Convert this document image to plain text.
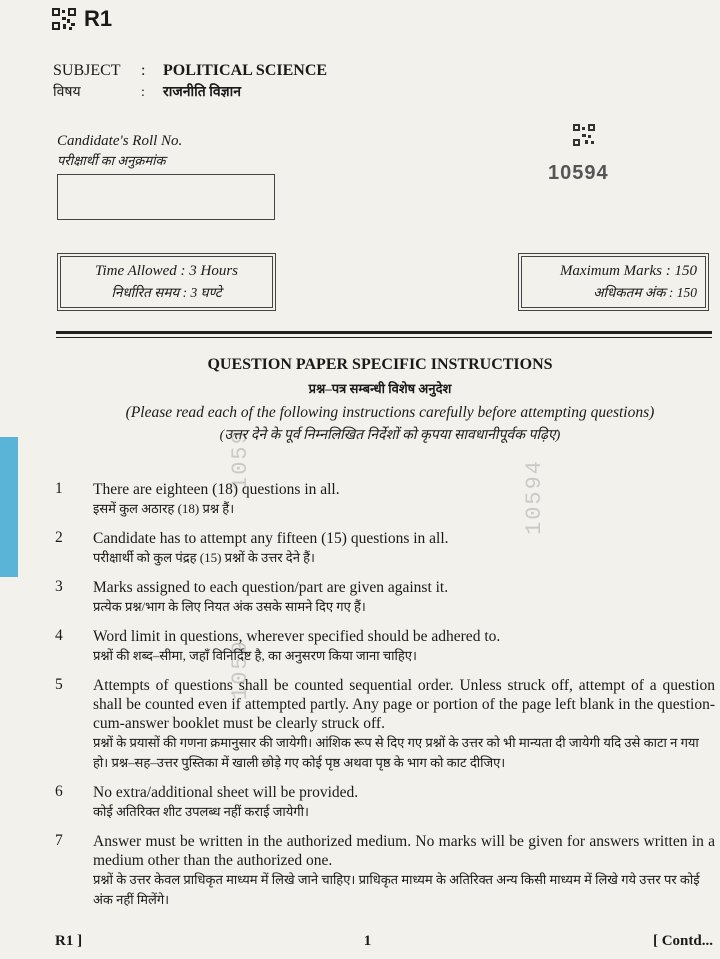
R1
SUBJECT	:	POLITICAL SCIENCE
विषय	:	राजनीति विज्ञान
Candidate's Roll No.
परीक्षार्थी का अनुक्रमांक
10594
Time Allowed : 3 Hours
निर्धारित समय : 3 घण्टे
Maximum Marks : 150
अधिकतम अंक : 150
QUESTION PAPER SPECIFIC INSTRUCTIONS
प्रश्न–पत्र सम्बन्धी विशेष अनुदेश
(Please read each of the following instructions carefully before attempting questions)
(उत्तर देने के पूर्व निम्नलिखित निर्देशों को कृपया सावधानीपूर्वक पढ़िए)
1059	10594
1059
1 There are eighteen (18) questions in all.
इसमें कुल अठारह (18) प्रश्न हैं।
2 Candidate has to attempt any fifteen (15) questions in all.
परीक्षार्थी को कुल पंद्रह (15) प्रश्नों के उत्तर देने हैं।
3 Marks assigned to each question/part are given against it.
प्रत्येक प्रश्न/भाग के लिए नियत अंक उसके सामने दिए गए हैं।
4 Word limit in questions, wherever specified should be adhered to.
प्रश्नों की शब्द–सीमा, जहाँ विनिर्दिष्ट है, का अनुसरण किया जाना चाहिए।
5 Attempts of questions shall be counted sequential order. Unless struck off, attempt of a question shall be counted even if attempted partly. Any page or portion of the page left blank in the question-cum-answer booklet must be clearly struck off.
प्रश्नों के प्रयासों की गणना क्रमानुसार की जायेगी। आंशिक रूप से दिए गए प्रश्नों के उत्तर को भी मान्यता दी जायेगी यदि उसे काटा न गया हो। प्रश्न–सह–उत्तर पुस्तिका में खाली छोड़े गए कोई पृष्ठ अथवा पृष्ठ के भाग को काट दीजिए।
6 No extra/additional sheet will be provided.
कोई अतिरिक्त शीट उपलब्ध नहीं कराई जायेगी।
7 Answer must be written in the authorized medium. No marks will be given for answers written in a medium other than the authorized one.
प्रश्नों के उत्तर केवल प्राधिकृत माध्यम में लिखे जाने चाहिए। प्राधिकृत माध्यम के अतिरिक्त अन्य किसी माध्यम में लिखे गये उत्तर पर कोई अंक नहीं मिलेंगे।
R1 ]	1	[ Contd...
